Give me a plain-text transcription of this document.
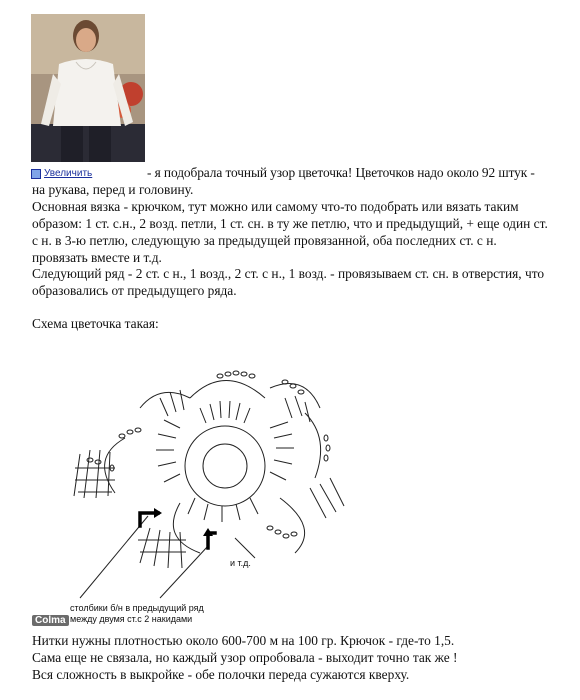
Увеличить	- я подобрала точный узор цветочка! Цветочков надо около 92 штук -
на рукава, перед и головину.
Основная вязка - крючком, тут можно или самому что-то подобрать или вязать таким
образом: 1 ст. с.н., 2 возд. петли, 1 ст. сн. в ту же петлю, что и предыдущий, + еще один ст.
с н. в 3-ю петлю, следующую за предыдущей провязанной, оба последних ст. с н.
провязать вместе и т.д.
Следующий ряд - 2 ст. с н., 1 возд., 2 ст. с н., 1 возд. - провязываем ст. сн. в отверстия, что
образовались от предыдущего ряда.
Схема цветочка такая:
и т.д.
столбики б/н в предыдущий ряд
между двумя ст.с 2 накидами
Colma
Нитки нужны плотностью около 600-700 м на 100 гр. Крючок - где-то 1,5.
Сама еще не связала, но каждый узор опробовала - выходит точно так же !
Вся сложность в выкройке - обе полочки переда сужаются кверху.
